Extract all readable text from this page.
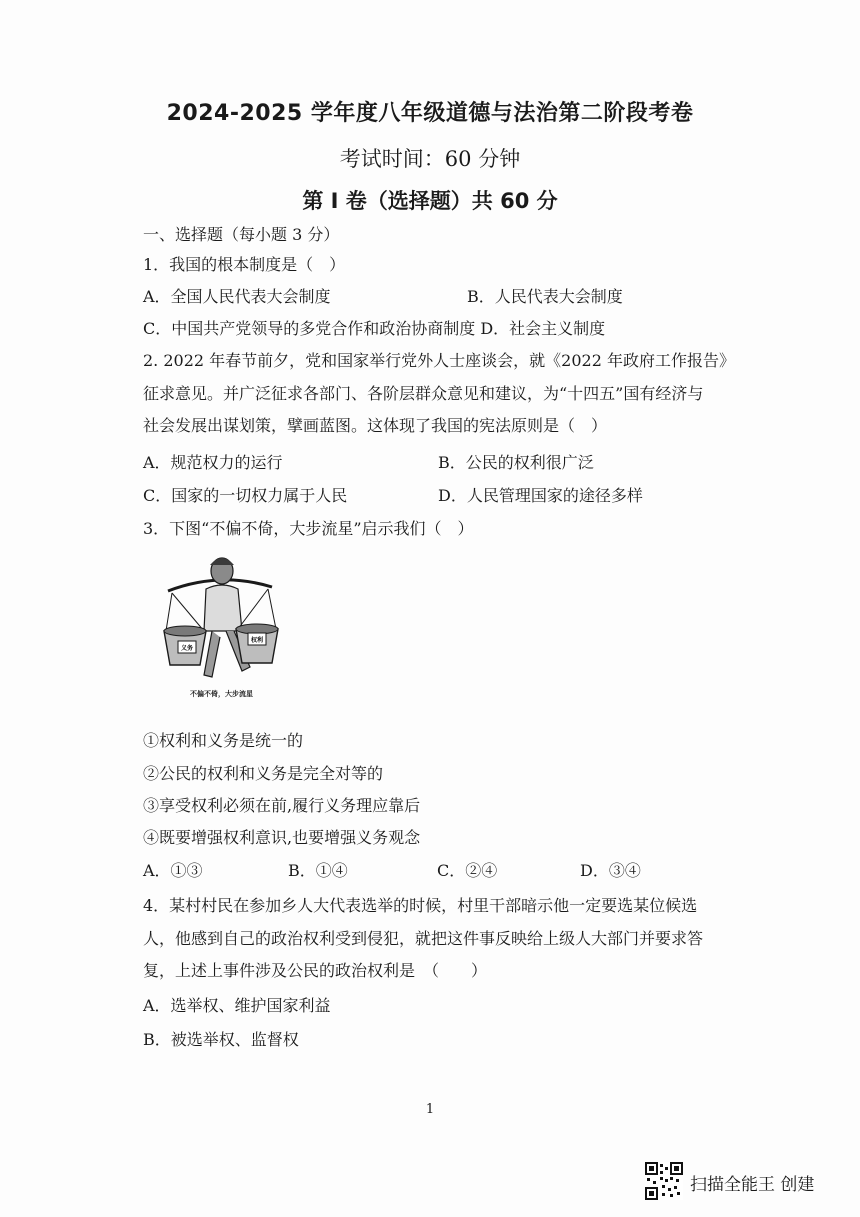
2024-2025 学年度八年级道德与法治第二阶段考卷
考试时间：60 分钟
第 I 卷（选择题）共 60 分
一、选择题（每小题 3 分）
1．我国的根本制度是（　）
A．全国人民代表大会制度	B．人民代表大会制度
C．中国共产党领导的多党合作和政治协商制度 D．社会主义制度
2. 2022 年春节前夕，党和国家举行党外人士座谈会，就《2022 年政府工作报告》
征求意见。并广泛征求各部门、各阶层群众意见和建议，为“十四五”国有经济与
社会发展出谋划策，擘画蓝图。这体现了我国的宪法原则是（　）
A．规范权力的运行	B．公民的权利很广泛
C．国家的一切权力属于人民	D．人民管理国家的途径多样
3．下图“不偏不倚，大步流星”启示我们（　）
义务
权利
不偏不倚，大步流星
①权利和义务是统一的
②公民的权利和义务是完全对等的
③享受权利必须在前,履行义务理应靠后
④既要增强权利意识,也要增强义务观念
A．①③	B．①④	C．②④	D．③④
4．某村村民在参加乡人大代表选举的时候，村里干部暗示他一定要选某位候选
人，他感到自己的政治权利受到侵犯，就把这件事反映给上级人大部门并要求答
复，上述上事件涉及公民的政治权利是　（　　）
A．选举权、维护国家利益
B．被选举权、监督权
1
扫描全能王 创建
